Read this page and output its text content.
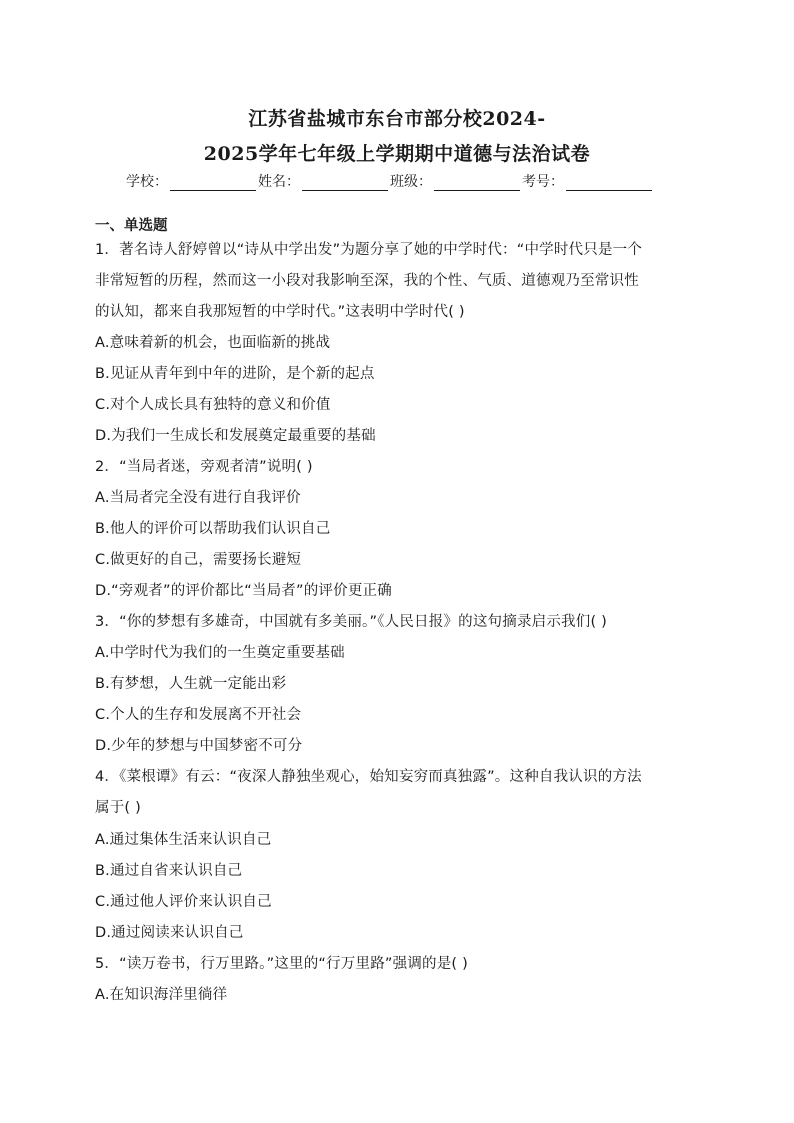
江苏省盐城市东台市部分校2024-
2025学年七年级上学期期中道德与法治试卷
学校：	姓名：	班级：	考号：
一、单选题
1．著名诗人舒婷曾以“诗从中学出发”为题分享了她的中学时代：“中学时代只是一个
非常短暂的历程，然而这一小段对我影响至深，我的个性、气质、道德观乃至常识性
的认知，都来自我那短暂的中学时代。”这表明中学时代( )
A.意味着新的机会，也面临新的挑战
B.见证从青年到中年的进阶，是个新的起点
C.对个人成长具有独特的意义和价值
D.为我们一生成长和发展奠定最重要的基础
2．“当局者迷，旁观者清”说明( )
A.当局者完全没有进行自我评价
B.他人的评价可以帮助我们认识自己
C.做更好的自己，需要扬长避短
D.“旁观者”的评价都比“当局者”的评价更正确
3．“你的梦想有多雄奇，中国就有多美丽。”《人民日报》的这句摘录启示我们( )
A.中学时代为我们的一生奠定重要基础
B.有梦想，人生就一定能出彩
C.个人的生存和发展离不开社会
D.少年的梦想与中国梦密不可分
4．《菜根谭》有云：“夜深人静独坐观心，始知妄穷而真独露”。这种自我认识的方法
属于( )
A.通过集体生活来认识自己
B.通过自省来认识自己
C.通过他人评价来认识自己
D.通过阅读来认识自己
5．“读万卷书，行万里路。”这里的“行万里路”强调的是( )
A.在知识海洋里徜徉
